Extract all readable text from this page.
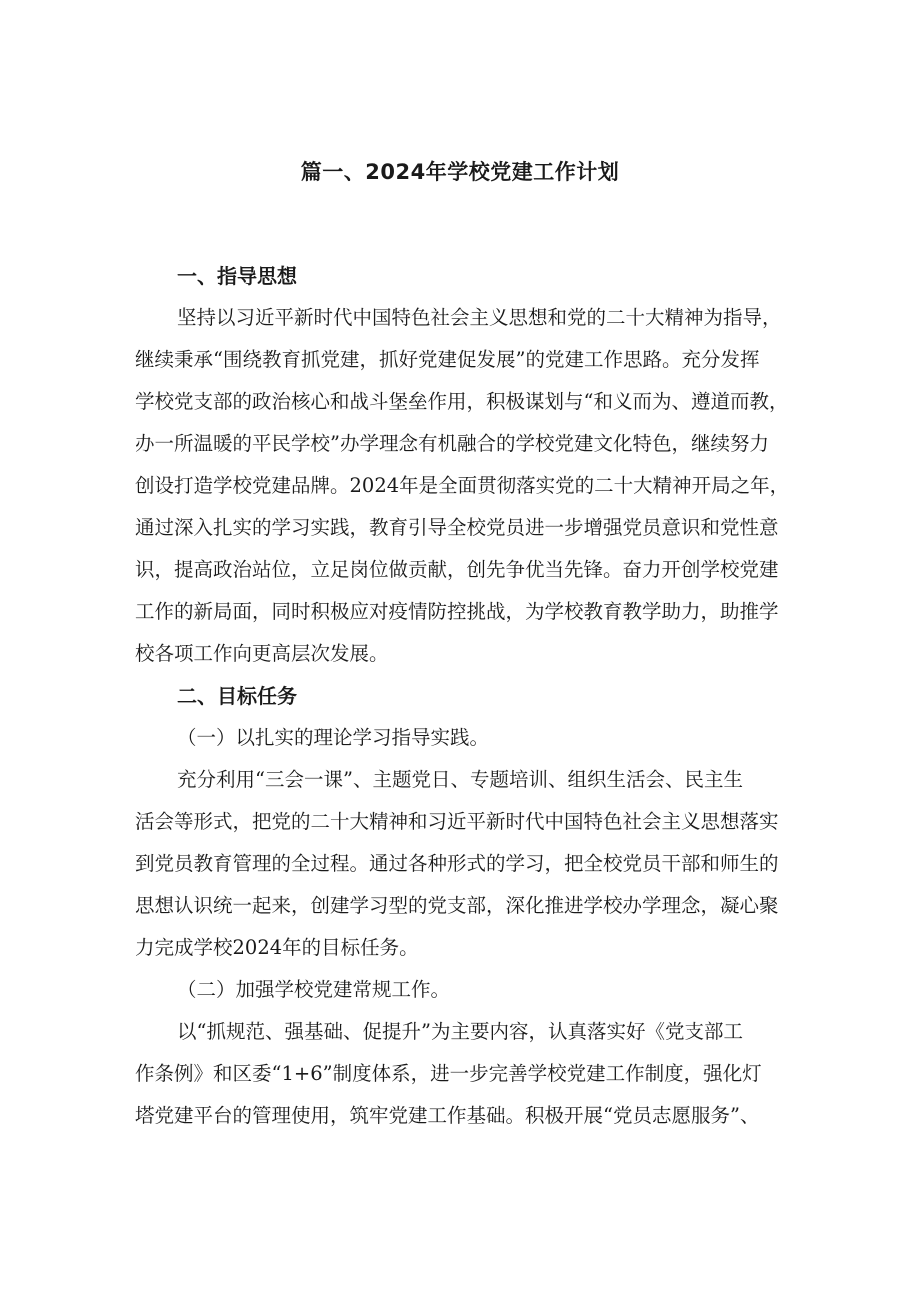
篇一、2024年学校党建工作计划
一、指导思想
坚持以习近平新时代中国特色社会主义思想和党的二十大精神为指导，
继续秉承“围绕教育抓党建，抓好党建促发展”的党建工作思路。充分发挥
学校党支部的政治核心和战斗堡垒作用，积极谋划与“和义而为、遵道而教，
办一所温暖的平民学校”办学理念有机融合的学校党建文化特色，继续努力
创设打造学校党建品牌。2024年是全面贯彻落实党的二十大精神开局之年，
通过深入扎实的学习实践，教育引导全校党员进一步增强党员意识和党性意
识，提高政治站位，立足岗位做贡献，创先争优当先锋。奋力开创学校党建
工作的新局面，同时积极应对疫情防控挑战，为学校教育教学助力，助推学
校各项工作向更高层次发展。
二、目标任务
（一）以扎实的理论学习指导实践。
充分利用“三会一课”、主题党日、专题培训、组织生活会、民主生
活会等形式，把党的二十大精神和习近平新时代中国特色社会主义思想落实
到党员教育管理的全过程。通过各种形式的学习，把全校党员干部和师生的
思想认识统一起来，创建学习型的党支部，深化推进学校办学理念，凝心聚
力完成学校2024年的目标任务。
（二）加强学校党建常规工作。
以“抓规范、强基础、促提升”为主要内容，认真落实好《党支部工
作条例》和区委“1+6”制度体系，进一步完善学校党建工作制度，强化灯
塔党建平台的管理使用，筑牢党建工作基础。积极开展“党员志愿服务”、
